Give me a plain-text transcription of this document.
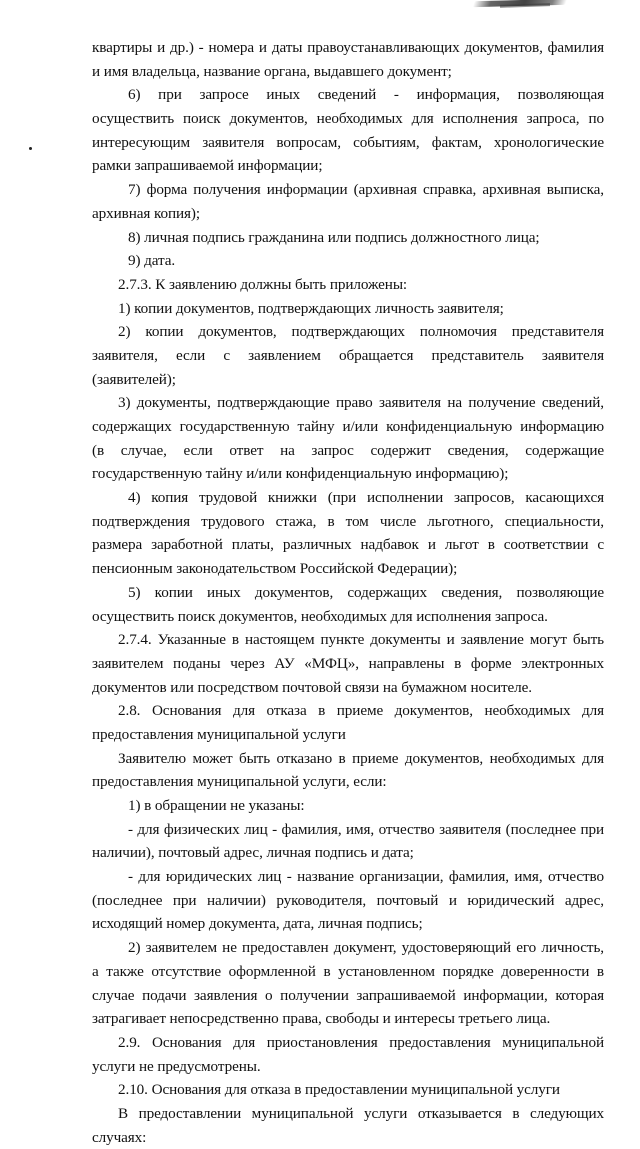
квартиры и др.) - номера и даты правоустанавливающих документов, фамилия
и имя владельца, название органа, выдавшего документ;
6) при запросе иных сведений - информация, позволяющая
осуществить поиск документов, необходимых для исполнения запроса, по
интересующим заявителя вопросам, событиям, фактам, хронологические
рамки запрашиваемой информации;
7) форма получения информации (архивная справка, архивная выписка,
архивная копия);
8) личная подпись гражданина или подпись должностного лица;
9) дата.
2.7.3. К заявлению должны быть приложены:
1) копии документов, подтверждающих личность заявителя;
2) копии документов, подтверждающих полномочия представителя
заявителя, если с заявлением обращается представитель заявителя
(заявителей);
3) документы, подтверждающие право заявителя на получение сведений,
содержащих государственную тайну и/или конфиденциальную информацию
(в случае, если ответ на запрос содержит сведения, содержащие
государственную тайну и/или конфиденциальную информацию);
4) копия трудовой книжки (при исполнении запросов, касающихся
подтверждения трудового стажа, в том числе льготного, специальности,
размера заработной платы, различных надбавок и льгот в соответствии с
пенсионным законодательством Российской Федерации);
5) копии иных документов, содержащих сведения, позволяющие
осуществить поиск документов, необходимых для исполнения запроса.
2.7.4. Указанные в настоящем пункте документы и заявление могут быть
заявителем поданы через АУ «МФЦ», направлены в форме электронных
документов или посредством почтовой связи на бумажном носителе.
2.8. Основания для отказа в приеме документов, необходимых для
предоставления муниципальной услуги
Заявителю может быть отказано в приеме документов, необходимых для
предоставления муниципальной услуги, если:
1) в обращении не указаны:
- для физических лиц - фамилия, имя, отчество заявителя (последнее при
наличии), почтовый адрес, личная подпись и дата;
- для юридических лиц - название организации, фамилия, имя, отчество
(последнее при наличии) руководителя, почтовый и юридический адрес,
исходящий номер документа, дата, личная подпись;
2) заявителем не предоставлен документ, удостоверяющий его личность,
а также отсутствие оформленной в установленном порядке доверенности в
случае подачи заявления о получении запрашиваемой информации, которая
затрагивает непосредственно права, свободы и интересы третьего лица.
2.9. Основания для приостановления предоставления муниципальной
услуги не предусмотрены.
2.10. Основания для отказа в предоставлении муниципальной услуги
В предоставлении муниципальной услуги отказывается в следующих
случаях:
